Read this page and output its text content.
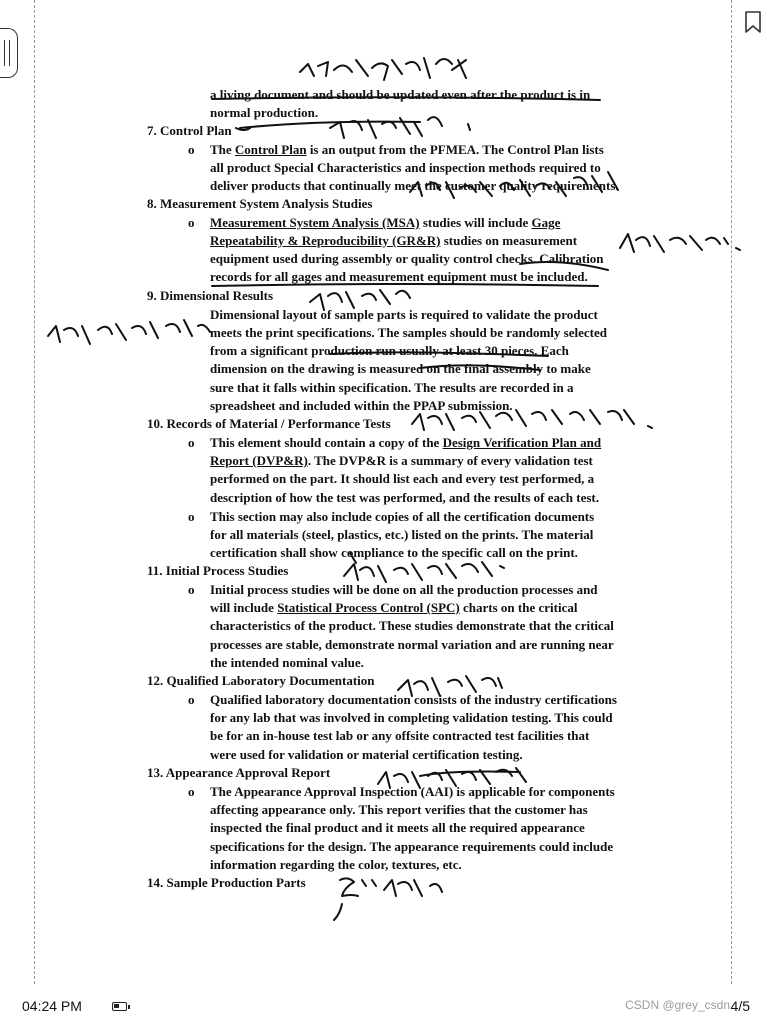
a living document and should be updated even after the product is in
normal production.
7. Control Plan
The Control Plan is an output from the PFMEA. The Control Plan lists
all product Special Characteristics and inspection methods required to
deliver products that continually meet the customer quality requirements.
8. Measurement System Analysis Studies
Measurement System Analysis (MSA) studies will include Gage
Repeatability & Reproducibility (GR&R) studies on measurement
equipment used during assembly or quality control checks. Calibration
records for all gages and measurement equipment must be included.
9. Dimensional Results
Dimensional layout of sample parts is required to validate the product
meets the print specifications. The samples should be randomly selected
from a significant production run usually at least 30 pieces. Each
dimension on the drawing is measured on the final assembly to make
sure that it falls within specification. The results are recorded in a
spreadsheet and included within the PPAP submission.
10. Records of Material / Performance Tests
This element should contain a copy of the Design Verification Plan and
Report (DVP&R). The DVP&R is a summary of every validation test
performed on the part. It should list each and every test performed, a
description of how the test was performed, and the results of each test.
This section may also include copies of all the certification documents
for all materials (steel, plastics, etc.) listed on the prints. The material
certification shall show compliance to the specific call on the print.
11. Initial Process Studies
Initial process studies will be done on all the production processes and
will include Statistical Process Control (SPC) charts on the critical
characteristics of the product. These studies demonstrate that the critical
processes are stable, demonstrate normal variation and are running near
the intended nominal value.
12. Qualified Laboratory Documentation
Qualified laboratory documentation consists of the industry certifications
for any lab that was involved in completing validation testing. This could
be for an in-house test lab or any offsite contracted test facilities that
were used for validation or material certification testing.
13. Appearance Approval Report
The Appearance Approval Inspection (AAI) is applicable for components
affecting appearance only. This report verifies that the customer has
inspected the final product and it meets all the required appearance
specifications for the design. The appearance requirements could include
information regarding the color, textures, etc.
14. Sample Production Parts
o
o
o
o
o
o
o
04:24 PM	CSDN @grey_csdn 4/5
